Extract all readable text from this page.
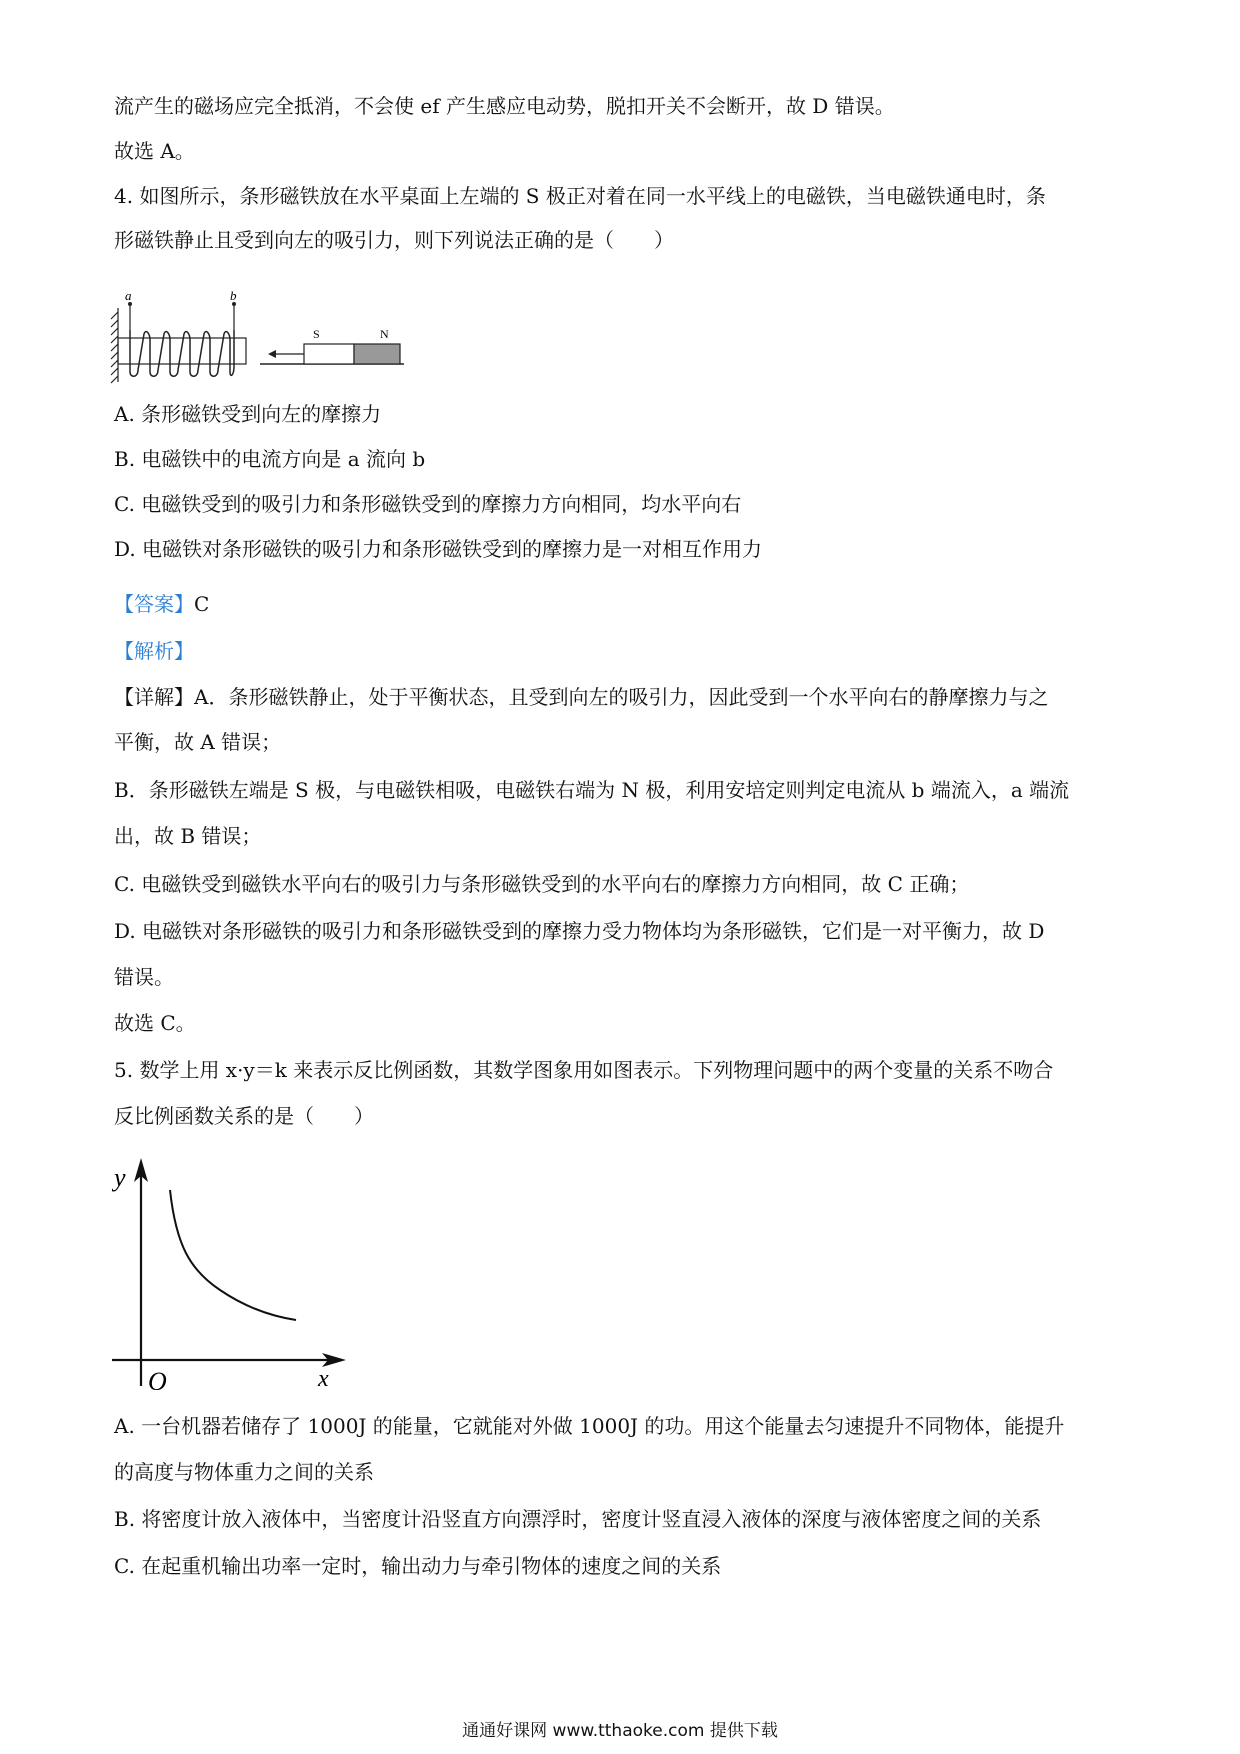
流产生的磁场应完全抵消，不会使 ef 产生感应电动势，脱扣开关不会断开，故 D 错误。
故选 A。
4. 如图所示，条形磁铁放在水平桌面上左端的 S 极正对着在同一水平线上的电磁铁，当电磁铁通电时，条
形磁铁静止且受到向左的吸引力，则下列说法正确的是（　　）
a	b
S	N
A. 条形磁铁受到向左的摩擦力
B. 电磁铁中的电流方向是 a 流向 b
C. 电磁铁受到的吸引力和条形磁铁受到的摩擦力方向相同，均水平向右
D. 电磁铁对条形磁铁的吸引力和条形磁铁受到的摩擦力是一对相互作用力
【答案】C
【解析】
【详解】A．条形磁铁静止，处于平衡状态，且受到向左的吸引力，因此受到一个水平向右的静摩擦力与之
平衡，故 A 错误；
B．条形磁铁左端是 S 极，与电磁铁相吸，电磁铁右端为 N 极，利用安培定则判定电流从 b 端流入，a 端流
出，故 B 错误；
C. 电磁铁受到磁铁水平向右的吸引力与条形磁铁受到的水平向右的摩擦力方向相同，故 C 正确；
D. 电磁铁对条形磁铁的吸引力和条形磁铁受到的摩擦力受力物体均为条形磁铁，它们是一对平衡力，故 D
错误。
故选 C。
5. 数学上用 x·y＝k 来表示反比例函数，其数学图象用如图表示。下列物理问题中的两个变量的关系不吻合
反比例函数关系的是（　　）
y
x
O
A. 一台机器若储存了 1000J 的能量，它就能对外做 1000J 的功。用这个能量去匀速提升不同物体，能提升
的高度与物体重力之间的关系
B. 将密度计放入液体中，当密度计沿竖直方向漂浮时，密度计竖直浸入液体的深度与液体密度之间的关系
C. 在起重机输出功率一定时，输出动力与牵引物体的速度之间的关系
通通好课网 www.tthaoke.com 提供下载
